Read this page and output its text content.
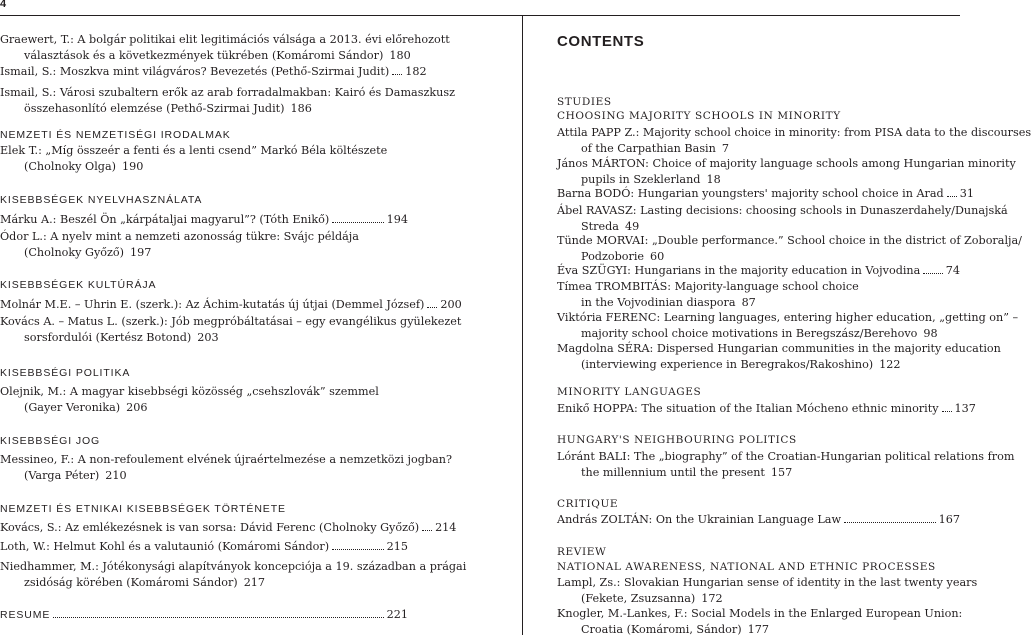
4
Graewert, T.: A bolgár politikai elit legitimációs válsága a 2013. évi előrehozott
választások és a következmények tükrében (Komáromi Sándor) 180
Ismail, S.: Moszkva mint világváros? Bevezetés (Pethő-Szirmai Judit) 182
Ismail, S.: Városi szubaltern erők az arab forradalmakban: Kairó és Damaszkusz
összehasonlító elemzése (Pethő-Szirmai Judit) 186
NEMZETI ÉS NEMZETISÉGI IRODALMAK
Elek T.: „Míg összeér a fenti és a lenti csend” Markó Béla költészete
(Cholnoky Olga) 190
KISEBBSÉGEK NYELVHASZNÁLATA
Márku A.: Beszél Ön „kárpátaljai magyarul”? (Tóth Enikő)	194
Ódor L.: A nyelv mint a nemzeti azonosság tükre: Svájc példája
(Cholnoky Győző) 197
KISEBBSÉGEK KULTÚRÁJA
Molnár M.E. – Uhrin E. (szerk.): Az Áchim-kutatás új útjai (Demmel József) 200
Kovács A. – Matus L. (szerk.): Jób megpróbáltatásai – egy evangélikus gyülekezet
sorsfordulói (Kertész Botond) 203
KISEBBSÉGI POLITIKA
Olejnik, M.: A magyar kisebbségi közösség „csehszlovák” szemmel
(Gayer Veronika) 206
KISEBBSÉGI JOG
Messineo, F.: A non-refoulement elvének újraértelmezése a nemzetközi jogban?
(Varga Péter) 210
NEMZETI ÉS ETNIKAI KISEBBSÉGEK TÖRTÉNETE
Kovács, S.: Az emlékezésnek is van sorsa: Dávid Ferenc (Cholnoky Győző) 214
Loth, W.: Helmut Kohl és a valutaunió (Komáromi Sándor)	215
Niedhammer, M.: Jótékonysági alapítványok koncepciója a 19. században a prágai
zsidóság körében (Komáromi Sándor) 217
RESUME	221
CONTENTS
STUDIES
CHOOSING MAJORITY SCHOOLS IN MINORITY
Attila PAPP Z.: Majority school choice in minority: from PISA data to the discourses
of the Carpathian Basin 7
János MÁRTON: Choice of majority language schools among Hungarian minority
pupils in Szeklerland 18
Barna BODÓ: Hungarian youngsters' majority school choice in Arad 31
Ábel RAVASZ: Lasting decisions: choosing schools in Dunaszerdahely/Dunajská
Streda 49
Tünde MORVAI: „Double performance.” School choice in the district of Zoboralja/
Podzoborie 60
Éva SZÜGYI: Hungarians in the majority education in Vojvodina 74
Tímea TROMBITÁS: Majority-language school choice
in the Vojvodinian diaspora 87
Viktória FERENC: Learning languages, entering higher education, „getting on” –
majority school choice motivations in Beregszász/Berehovo 98
Magdolna SÉRA: Dispersed Hungarian communities in the majority education
(interviewing experience in Beregrakos/Rakoshino) 122
MINORITY LANGUAGES
Enikő HOPPA: The situation of the Italian Mócheno ethnic minority 137
HUNGARY'S NEIGHBOURING POLITICS
Lóránt BALI: The „biography” of the Croatian-Hungarian political relations from
the millennium until the present 157
CRITIQUE
András ZOLTÁN: On the Ukrainian Language Law	167
REVIEW
NATIONAL AWARENESS, NATIONAL AND ETHNIC PROCESSES
Lampl, Zs.: Slovakian Hungarian sense of identity in the last twenty years
(Fekete, Zsuzsanna) 172
Knogler, M.-Lankes, F.: Social Models in the Enlarged European Union:
Croatia (Komáromi, Sándor) 177
